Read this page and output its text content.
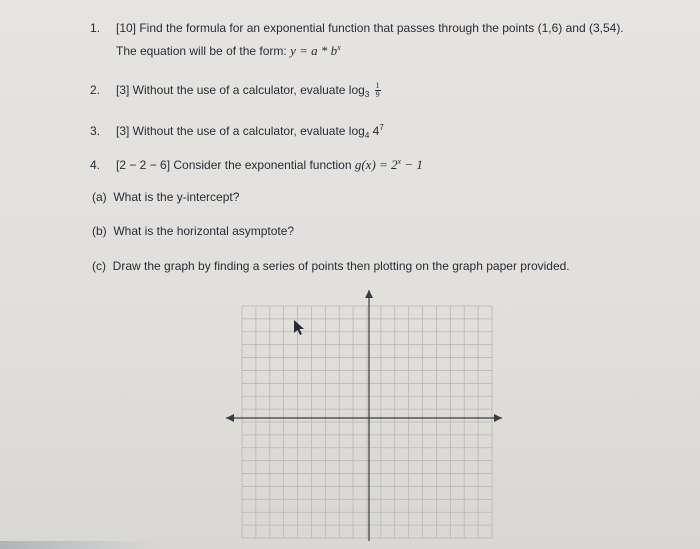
1. [10] Find the formula for an exponential function that passes through the points (1,6) and (3,54).
The equation will be of the form: $y = a * b^x$
2. [3] Without the use of a calculator, evaluate $\log_3 \frac{1}{9}$
3. [3] Without the use of a calculator, evaluate $\log_4 4^7$
4. [2 − 2 − 6] Consider the exponential function $g(x) = 2^x - 1$
(a) What is the y-intercept?
(b) What is the horizontal asymptote?
(c) Draw the graph by finding a series of points then plotting on the graph paper provided.
